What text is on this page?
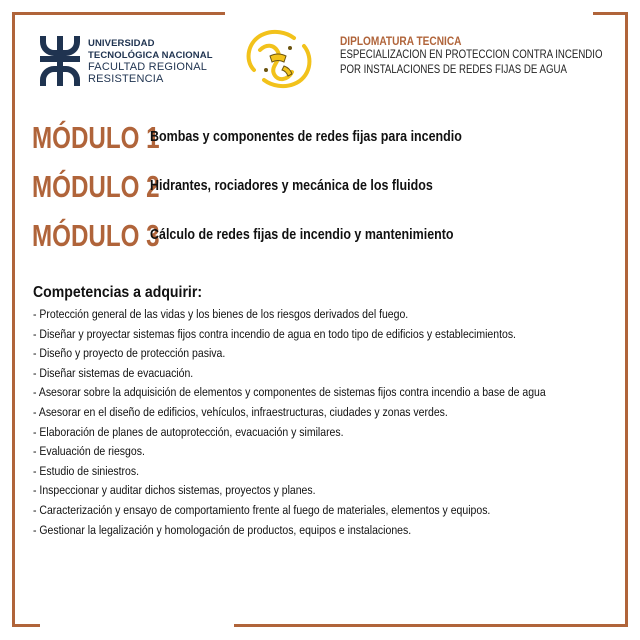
UNIVERSIDAD
TECNOLÓGICA NACIONAL
FACULTAD REGIONAL
RESISTENCIA
DIPLOMATURA TECNICA
ESPECIALIZACION EN PROTECCION CONTRA INCENDIO
POR INSTALACIONES DE REDES FIJAS DE AGUA
MÓDULO 1
Bombas y componentes de redes fijas para incendio
MÓDULO 2
Hidrantes, rociadores y mecánica de los fluidos
MÓDULO 3
Cálculo de redes fijas de incendio y mantenimiento
Competencias a adquirir:
- Protección general de las vidas y los bienes de los riesgos derivados del fuego.
- Diseñar y proyectar sistemas fijos contra incendio de agua en todo tipo de edificios y establecimientos.
- Diseño y proyecto de protección pasiva.
- Diseñar sistemas de evacuación.
- Asesorar sobre la adquisición de elementos y componentes de sistemas fijos contra incendio a base de agua
- Asesorar en el diseño de edificios, vehículos, infraestructuras, ciudades y zonas verdes.
- Elaboración de planes de autoprotección, evacuación y similares.
- Evaluación de riesgos.
- Estudio de siniestros.
- Inspeccionar y auditar dichos sistemas, proyectos y planes.
- Caracterización y ensayo de comportamiento frente al fuego de materiales, elementos y equipos.
- Gestionar la legalización y homologación de productos, equipos e instalaciones.
